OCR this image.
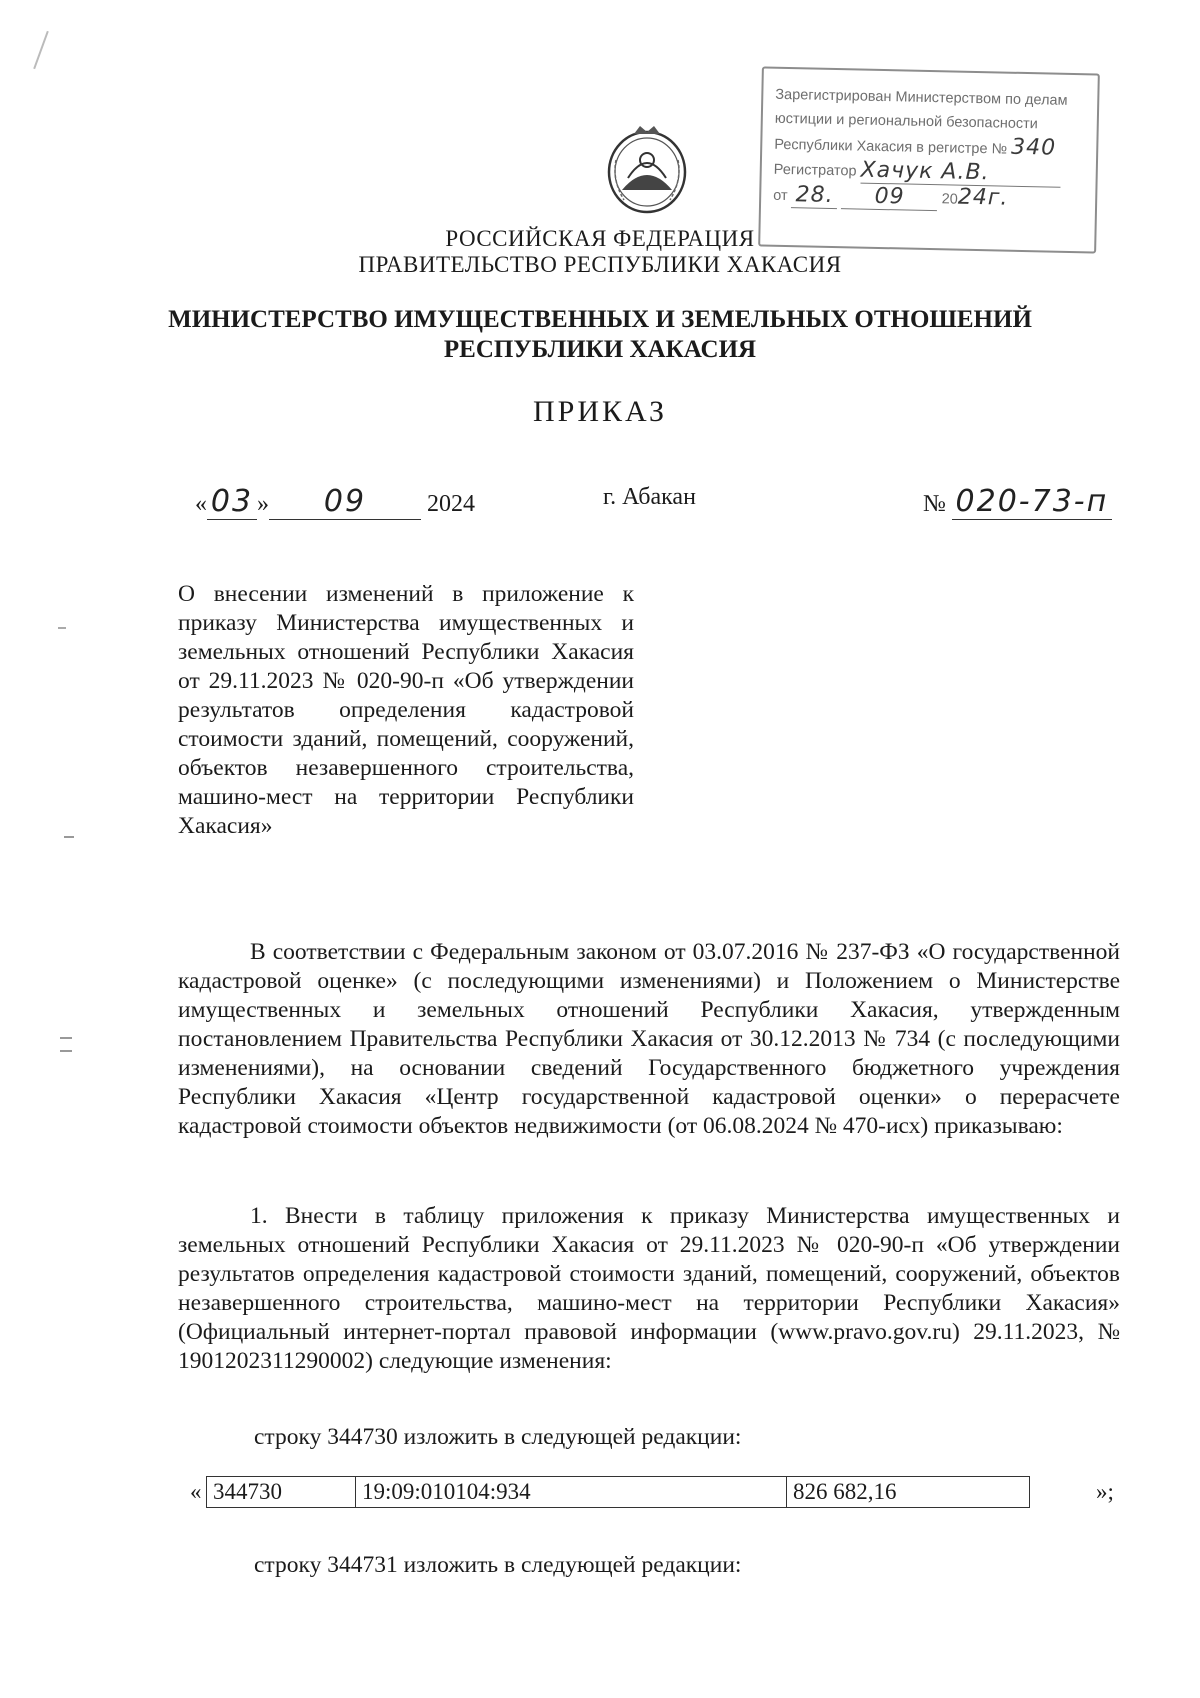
Зарегистрирован Министерством по делам
юстиции и региональной безопасности
Республики Хакасия в регистре № 340
Регистратор Хачук А.В.
от 28. 09	2024г.
РОССИЙСКАЯ ФЕДЕРАЦИЯ
ПРАВИТЕЛЬСТВО РЕСПУБЛИКИ ХАКАСИЯ
МИНИСТЕРСТВО ИМУЩЕСТВЕННЫХ И ЗЕМЕЛЬНЫХ ОТНОШЕНИЙ
РЕСПУБЛИКИ ХАКАСИЯ
ПРИКАЗ
« 03 » 09	2024	г. Абакан	№ 020-73-п
О внесении изменений в приложение к приказу Министерства имущественных и земельных отношений Республики Хакасия от 29.11.2023 № 020-90-п «Об утверждении результатов определения кадастровой стоимости зданий, помещений, сооружений, объектов незавершенного строительства, машино-мест на территории Республики Хакасия»
В соответствии с Федеральным законом от 03.07.2016 № 237-ФЗ «О государственной кадастровой оценке» (с последующими изменениями) и Положением о Министерстве имущественных и земельных отношений Республики Хакасия, утвержденным постановлением Правительства Республики Хакасия от 30.12.2013 № 734 (с последующими изменениями), на основании сведений Государственного бюджетного учреждения Республики Хакасия «Центр государственной кадастровой оценки» о перерасчете кадастровой стоимости объектов недвижимости (от 06.08.2024 № 470-исх) приказываю:
1. Внести в таблицу приложения к приказу Министерства имущественных и земельных отношений Республики Хакасия от 29.11.2023 № 020-90-п «Об утверждении результатов определения кадастровой стоимости зданий, помещений, сооружений, объектов незавершенного строительства, машино-мест на территории Республики Хакасия» (Официальный интернет-портал правовой информации (www.pravo.gov.ru) 29.11.2023, № 1901202311290002) следующие изменения:
строку 344730 изложить в следующей редакции:
« 344730	19:09:010104:934	826 682,16	»;
строку 344731 изложить в следующей редакции:
